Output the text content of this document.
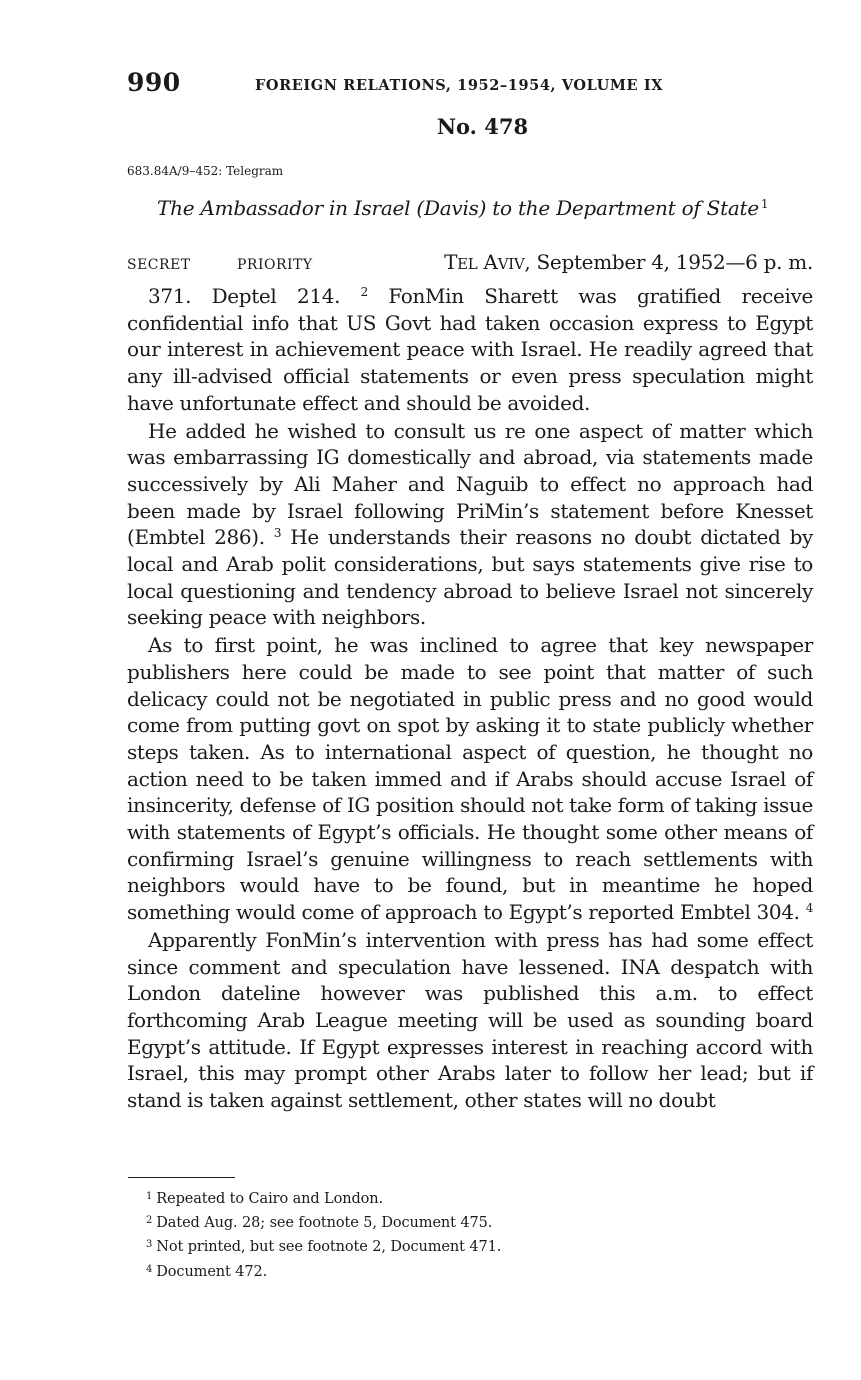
990	FOREIGN RELATIONS, 1952–1954, VOLUME IX
No. 478
683.84A/9–452: Telegram
The Ambassador in Israel (Davis) to the Department of State $^1$
SECRET	PRIORITY	TEL AVIV, September 4, 1952—6 p. m.

371. Deptel 214. $^2$ FonMin Sharett was gratified receive confidential info that US Govt had taken occasion express to Egypt our interest in achievement peace with Israel. He readily agreed that any ill-advised official statements or even press speculation might have unfortunate effect and should be avoided.

He added he wished to consult us re one aspect of matter which was embarrassing IG domestically and abroad, via statements made successively by Ali Maher and Naguib to effect no approach had been made by Israel following PriMin’s statement before Knesset (Embtel 286). $^3$ He understands their reasons no doubt dictated by local and Arab polit considerations, but says statements give rise to local questioning and tendency abroad to believe Israel not sincerely seeking peace with neighbors.

As to first point, he was inclined to agree that key newspaper publishers here could be made to see point that matter of such delicacy could not be negotiated in public press and no good would come from putting govt on spot by asking it to state publicly whether steps taken. As to international aspect of question, he thought no action need to be taken immed and if Arabs should accuse Israel of insincerity, defense of IG position should not take form of taking issue with statements of Egypt’s officials. He thought some other means of confirming Israel’s genuine willingness to reach settlements with neighbors would have to be found, but in meantime he hoped something would come of approach to Egypt’s reported Embtel 304. $^4$

Apparently FonMin’s intervention with press has had some effect since comment and speculation have lessened. INA despatch with London dateline however was published this a.m. to effect forthcoming Arab League meeting will be used as sounding board Egypt’s attitude. If Egypt expresses interest in reaching accord with Israel, this may prompt other Arabs later to follow her lead; but if stand is taken against settlement, other states will no doubt

$^1$ Repeated to Cairo and London.
$^2$ Dated Aug. 28; see footnote 5, Document 475.
$^3$ Not printed, but see footnote 2, Document 471.
$^4$ Document 472.
